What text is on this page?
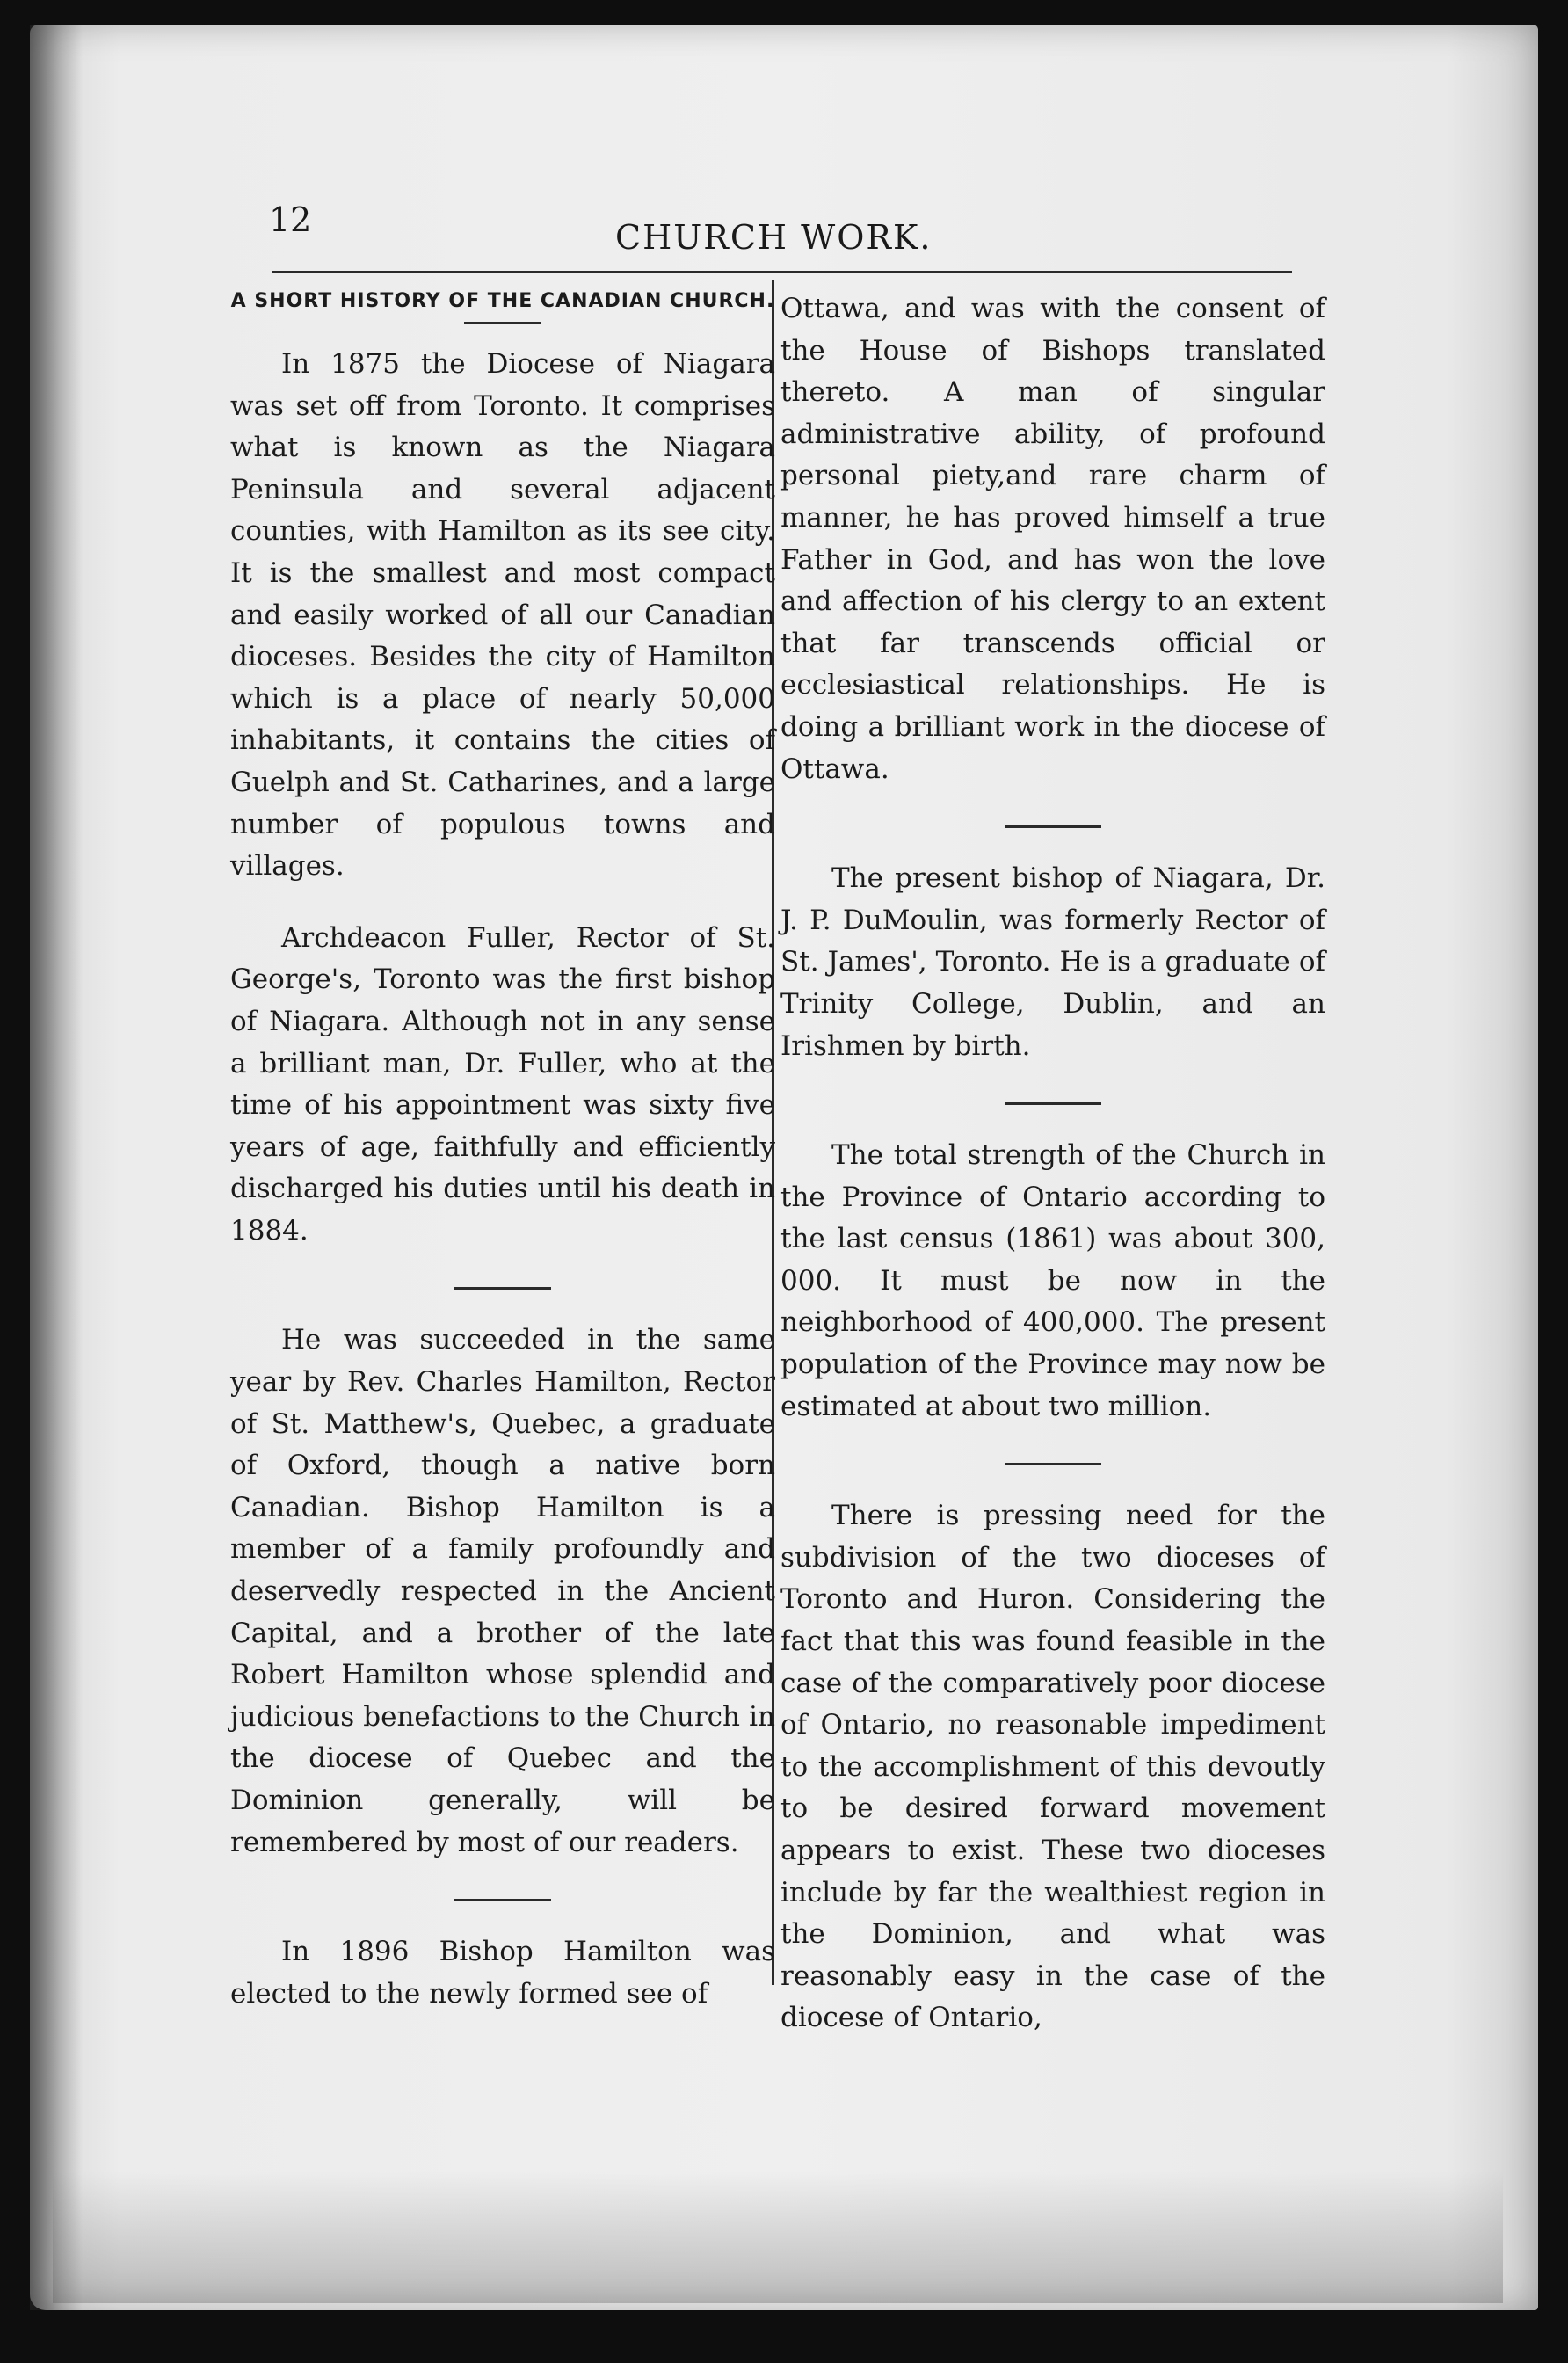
12	CHURCH WORK.

A SHORT HISTORY OF THE CANADIAN CHURCH.

In 1875 the Diocese of Niagara was set off from Toronto. It comprises what is known as the Niagara Peninsula and several adjacent counties, with Hamilton as its see city. It is the smallest and most compact and easily worked of all our Canadian dioceses. Besides the city of Hamilton which is a place of nearly 50,000 inhabitants, it contains the cities of Guelph and St. Catharines, and a large number of populous towns and villages.

Archdeacon Fuller, Rector of St. George's, Toronto was the first bishop of Niagara. Although not in any sense a brilliant man, Dr. Fuller, who at the time of his appointment was sixty five years of age, faithfully and efficiently discharged his duties until his death in 1884.

He was succeeded in the same year by Rev. Charles Hamilton, Rector of St. Matthew's, Quebec, a graduate of Oxford, though a native born Canadian. Bishop Hamilton is a member of a family profoundly and deservedly respected in the Ancient Capital, and a brother of the late Robert Hamilton whose splendid and judicious benefactions to the Church in the diocese of Quebec and the Dominion generally, will be remembered by most of our readers.

In 1896 Bishop Hamilton was elected to the newly formed see of

Ottawa, and was with the consent of the House of Bishops translated thereto. A man of singular administrative ability, of profound personal piety,and rare charm of manner, he has proved himself a true Father in God, and has won the love and affection of his clergy to an extent that far transcends official or ecclesiastical relationships. He is doing a brilliant work in the diocese of Ottawa.

The present bishop of Niagara, Dr. J. P. DuMoulin, was formerly Rector of St. James', Toronto. He is a graduate of Trinity College, Dublin, and an Irishmen by birth.

The total strength of the Church in the Province of Ontario according to the last census (1861) was about 300, 000. It must be now in the neighborhood of 400,000. The present population of the Province may now be estimated at about two million.

There is pressing need for the subdivision of the two dioceses of Toronto and Huron. Considering the fact that this was found feasible in the case of the comparatively poor diocese of Ontario, no reasonable impediment to the accomplishment of this devoutly to be desired forward movement appears to exist. These two dioceses include by far the wealthiest region in the Dominion, and what was reasonably easy in the case of the diocese of Ontario,
